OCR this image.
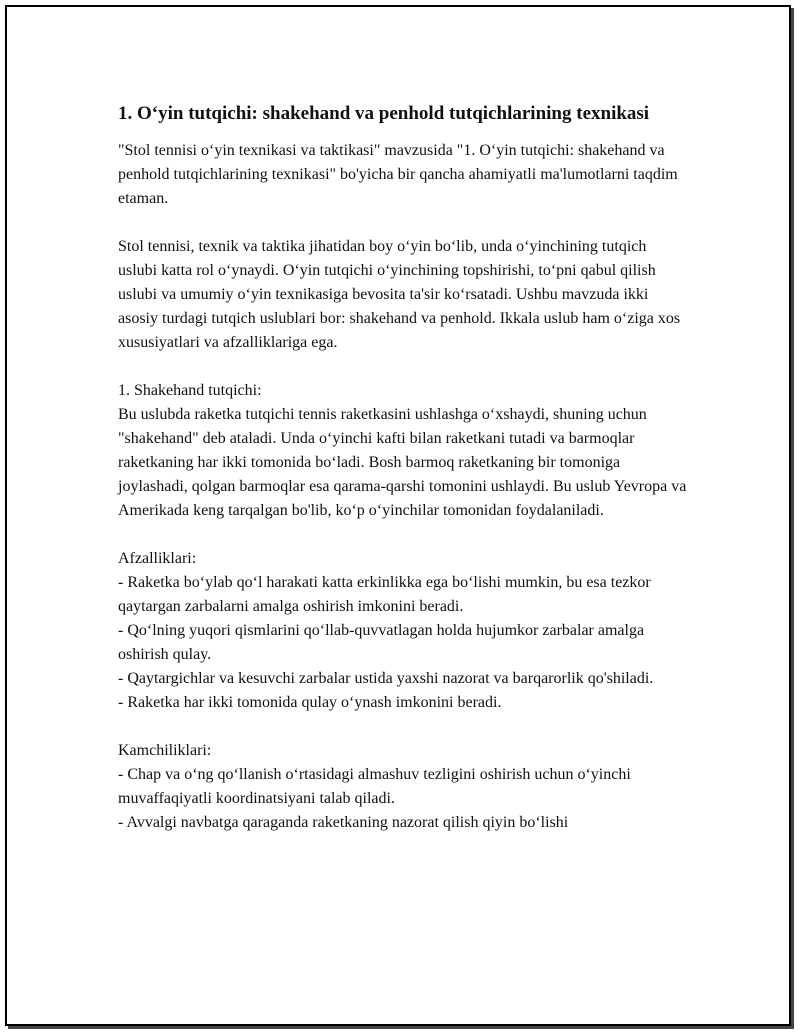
1. O‘yin tutqichi: shakehand va penhold tutqichlarining texnikasi

"Stol tennisi o‘yin texnikasi va taktikasi" mavzusida "1. O‘yin tutqichi: shakehand va penhold tutqichlarining texnikasi" bo'yicha bir qancha ahamiyatli ma'lumotlarni taqdim etaman.

Stol tennisi, texnik va taktika jihatidan boy o‘yin bo‘lib, unda o‘yinchining tutqich uslubi katta rol o‘ynaydi. O‘yin tutqichi o‘yinchining topshirishi, to‘pni qabul qilish uslubi va umumiy o‘yin texnikasiga bevosita ta'sir ko‘rsatadi. Ushbu mavzuda ikki asosiy turdagi tutqich uslublari bor: shakehand va penhold. Ikkala uslub ham o‘ziga xos xususiyatlari va afzalliklariga ega.

1. Shakehand tutqichi:

Bu uslubda raketka tutqichi tennis raketkasini ushlashga o‘xshaydi, shuning uchun "shakehand" deb ataladi. Unda o‘yinchi kafti bilan raketkani tutadi va barmoqlar raketkaning har ikki tomonida bo‘ladi. Bosh barmoq raketkaning bir tomoniga joylashadi, qolgan barmoqlar esa qarama-qarshi tomonini ushlaydi. Bu uslub Yevropa va Amerikada keng tarqalgan bo'lib, ko‘p o‘yinchilar tomonidan foydalaniladi.

Afzalliklari:

- Raketka bo‘ylab qo‘l harakati katta erkinlikka ega bo‘lishi mumkin, bu esa tezkor qaytargan zarbalarni amalga oshirish imkonini beradi.

- Qo‘lning yuqori qismlarini qo‘llab-quvvatlagan holda hujumkor zarbalar amalga oshirish qulay.

- Qaytargichlar va kesuvchi zarbalar ustida yaxshi nazorat va barqarorlik qo'shiladi.

- Raketka har ikki tomonida qulay o‘ynash imkonini beradi.

Kamchiliklari:

- Chap va o‘ng qo‘llanish o‘rtasidagi almashuv tezligini oshirish uchun o‘yinchi muvaffaqiyatli koordinatsiyani talab qiladi.

- Avvalgi navbatga qaraganda raketkaning nazorat qilish qiyin bo‘lishi
